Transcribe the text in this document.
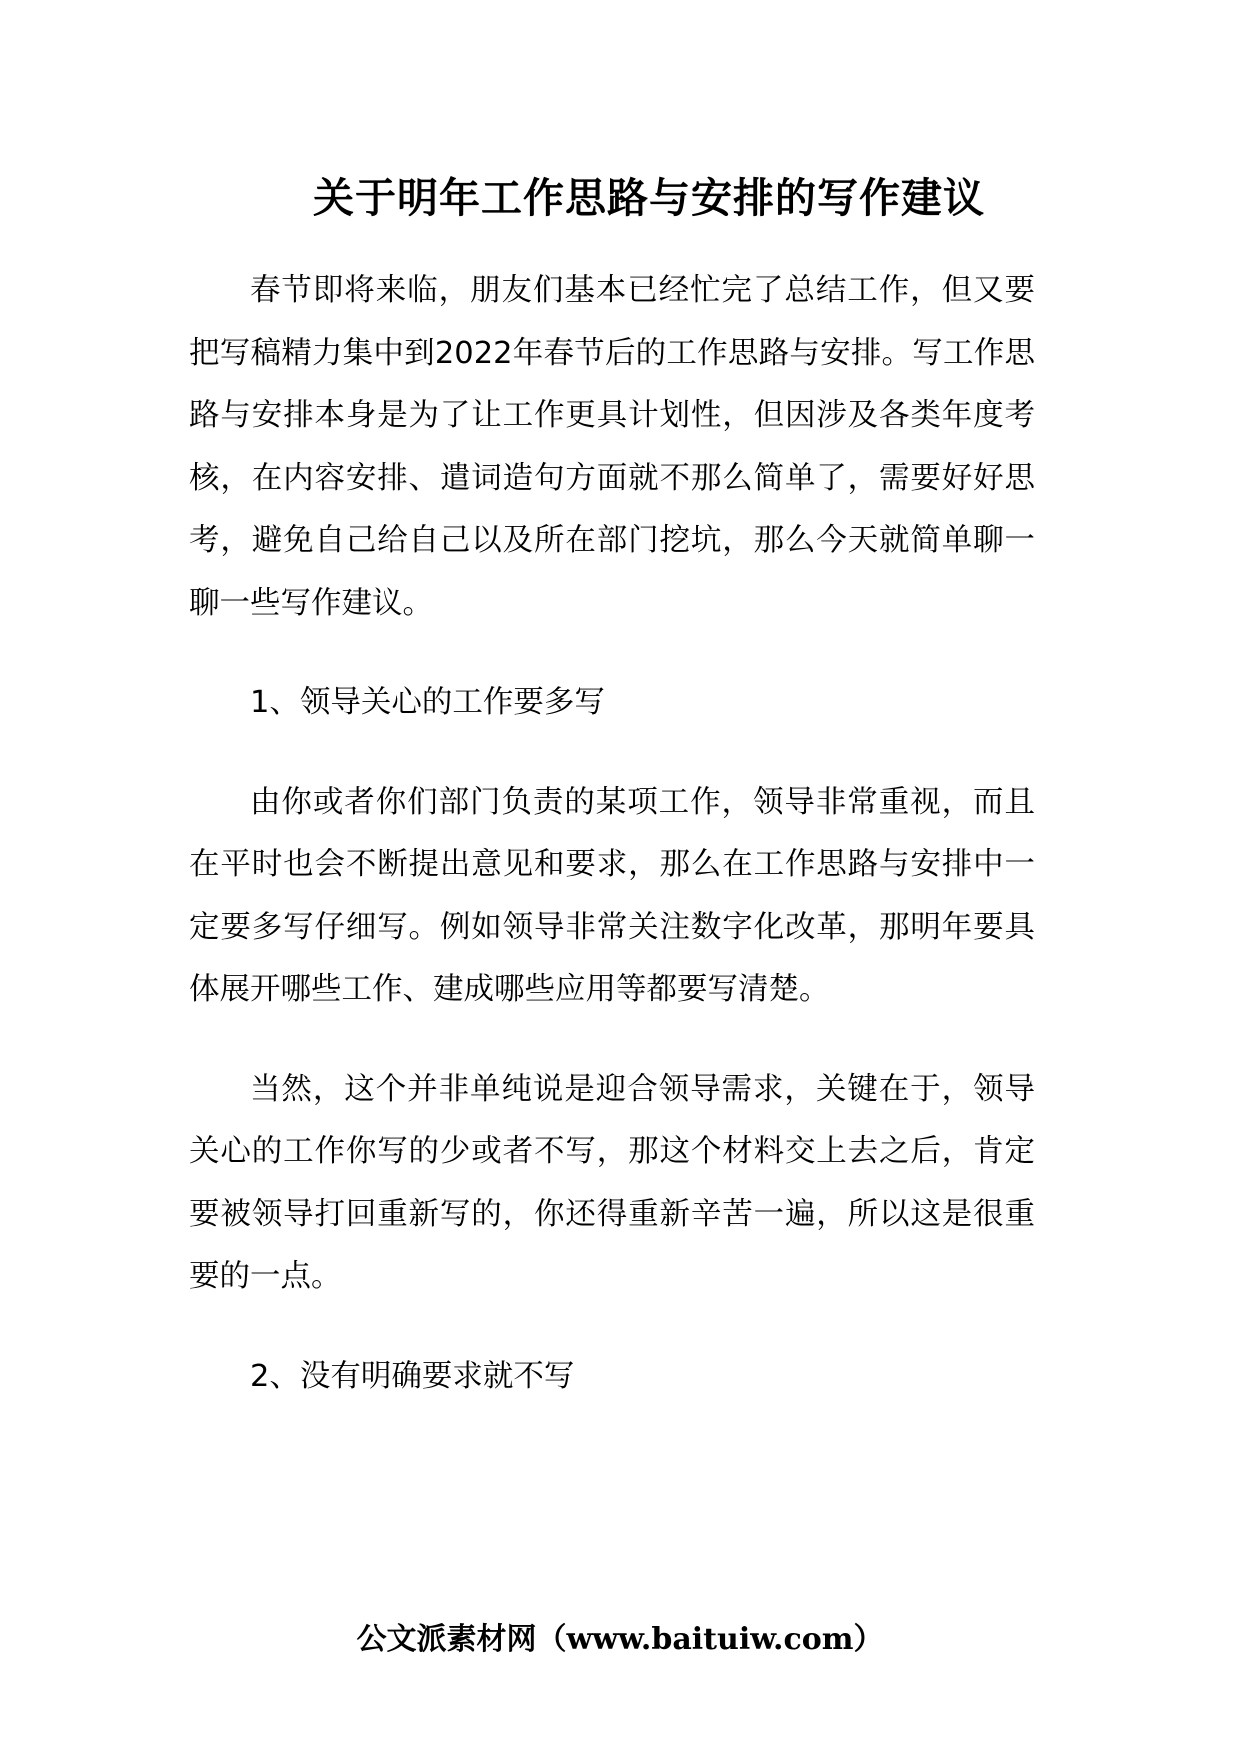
关于明年工作思路与安排的写作建议

春节即将来临，朋友们基本已经忙完了总结工作，但又要把写稿精力集中到2022年春节后的工作思路与安排。写工作思路与安排本身是为了让工作更具计划性，但因涉及各类年度考核，在内容安排、遣词造句方面就不那么简单了，需要好好思考，避免自己给自己以及所在部门挖坑，那么今天就简单聊一聊一些写作建议。

1、领导关心的工作要多写

由你或者你们部门负责的某项工作，领导非常重视，而且在平时也会不断提出意见和要求，那么在工作思路与安排中一定要多写仔细写。例如领导非常关注数字化改革，那明年要具体展开哪些工作、建成哪些应用等都要写清楚。

当然，这个并非单纯说是迎合领导需求，关键在于，领导关心的工作你写的少或者不写，那这个材料交上去之后，肯定要被领导打回重新写的，你还得重新辛苦一遍，所以这是很重要的一点。

2、没有明确要求就不写

公文派素材网（www.baituiw.com）
